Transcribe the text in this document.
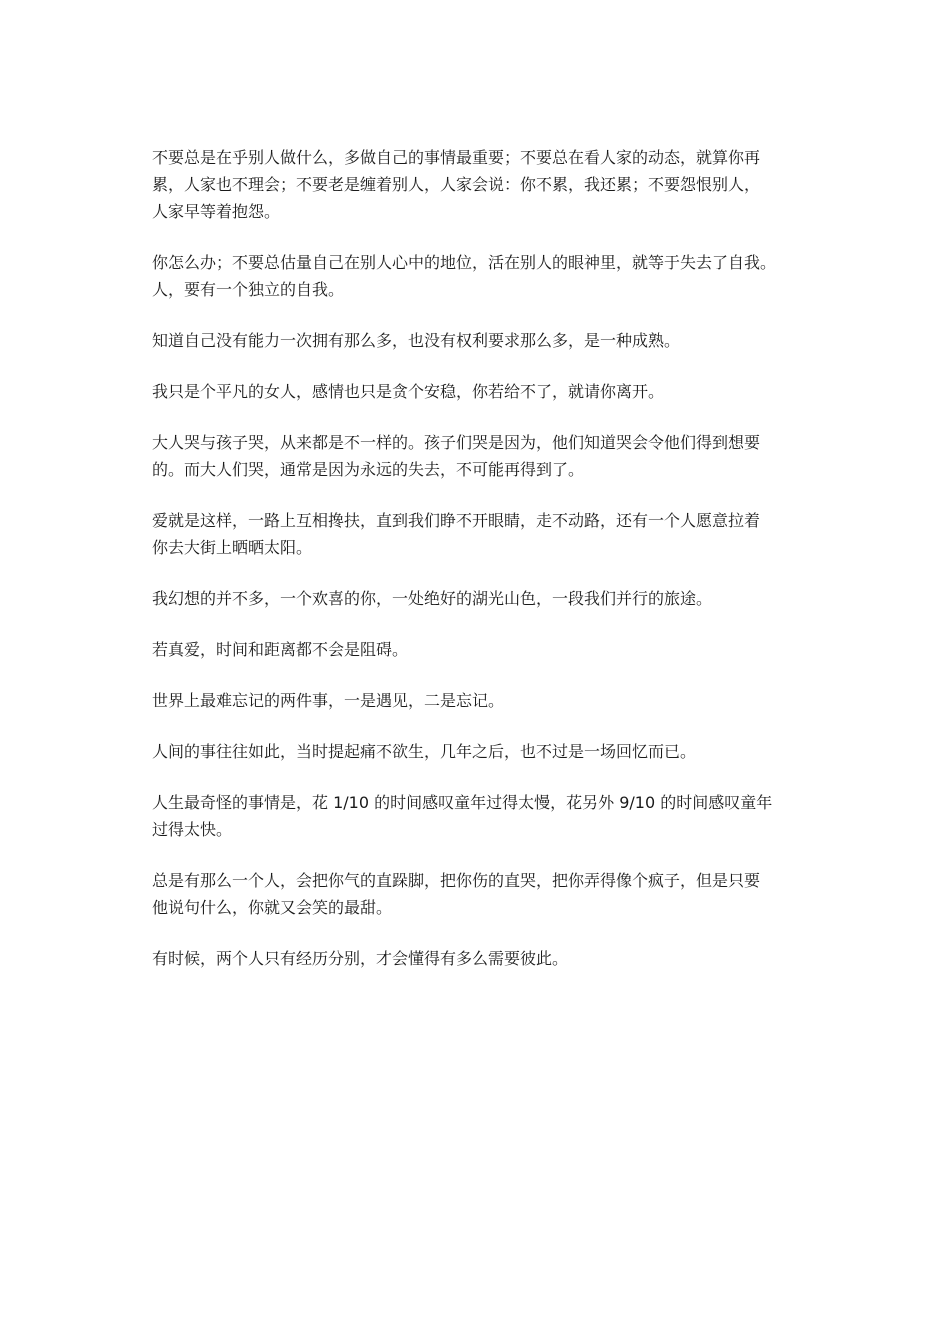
不要总是在乎别人做什么，多做自己的事情最重要；不要总在看人家的动态，就算你再
累，人家也不理会；不要老是缠着别人，人家会说：你不累，我还累；不要怨恨别人，
人家早等着抱怨。

你怎么办；不要总估量自己在别人心中的地位，活在别人的眼神里，就等于失去了自我。
人，要有一个独立的自我。

知道自己没有能力一次拥有那么多，也没有权利要求那么多，是一种成熟。

我只是个平凡的女人，感情也只是贪个安稳，你若给不了，就请你离开。

大人哭与孩子哭，从来都是不一样的。孩子们哭是因为，他们知道哭会令他们得到想要
的。而大人们哭，通常是因为永远的失去，不可能再得到了。

爱就是这样，一路上互相搀扶，直到我们睁不开眼睛，走不动路，还有一个人愿意拉着
你去大街上晒晒太阳。

我幻想的并不多，一个欢喜的你，一处绝好的湖光山色，一段我们并行的旅途。

若真爱，时间和距离都不会是阻碍。

世界上最难忘记的两件事，一是遇见，二是忘记。

人间的事往往如此，当时提起痛不欲生，几年之后，也不过是一场回忆而已。

人生最奇怪的事情是，花 1/10 的时间感叹童年过得太慢，花另外 9/10 的时间感叹童年
过得太快。

总是有那么一个人，会把你气的直跺脚，把你伤的直哭，把你弄得像个疯子，但是只要
他说句什么，你就又会笑的最甜。

有时候，两个人只有经历分别，才会懂得有多么需要彼此。
